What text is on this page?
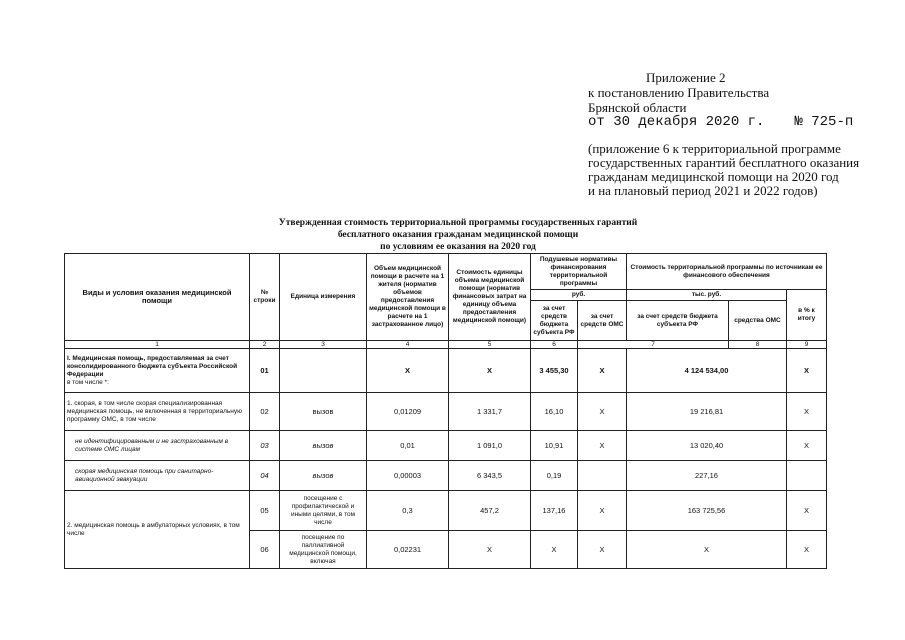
Приложение 2
к постановлению Правительства
Брянской области
от 30 декабря 2020 г. № 725-п
(приложение 6 к территориальной программе
государственных гарантий бесплатного оказания
гражданам медицинской помощи на 2020 год
и на плановый период 2021 и 2022 годов)
Утвержденная стоимость территориальной программы государственных гарантий
бесплатного оказания гражданам медицинской помощи
по условиям ее оказания на 2020 год
Виды и условия оказания медицинской помощи	№ строки	Единица измерения	Объем медицинской помощи в расчете на 1 жителя (норматив объемов предоставления медицинской помощи в расчете на 1 застрахованное лицо)	Стоимость единицы объема медицинской помощи (норматив финансовых затрат на единицу объема предоставления медицинской помощи)	Подушевые нормативы финансирования территориальной программы		Стоимость территориальной программы по источникам ее финансового обеспечения			
					руб.		тыс. руб.		в % к итогу	
					за счет средств бюджета субъекта РФ	за счет средств ОМС	за счет средств бюджета субъекта РФ	средства ОМС		
1	2	3	4	5	6	7		8	9	
I. Медицинская помощь, предоставляемая за счет консолидированного бюджета субъекта Российской Федерации
в том числе *:	01		Х	Х	3 455,30	Х	4 124 534,00		Х	
1. скорая, в том числе скорая специализированная медицинская помощь, не включенная в территориальную программу ОМС, в том числе	02	вызов	0,01209	1 331,7	16,10	Х	19 216,81		Х	
не идентифицированным и не застрахованным в системе ОМС лицам	03	вызов	0,01	1 091,0	10,91	Х	13 020,40		Х	
скорая медицинская помощь при санитарно-авиационной эвакуации	04	вызов	0,00003	6 343,5	0,19		227,16		
2. медицинская помощь в амбулаторных условиях, в том числе	05	посещение с профилактической и иными целями, в том числе	0,3	457,2	137,16	Х	163 725,56		Х	
	06	посещение по паллиативной медицинской помощи, включая	0,02231	Х	Х	Х	Х		Х	
